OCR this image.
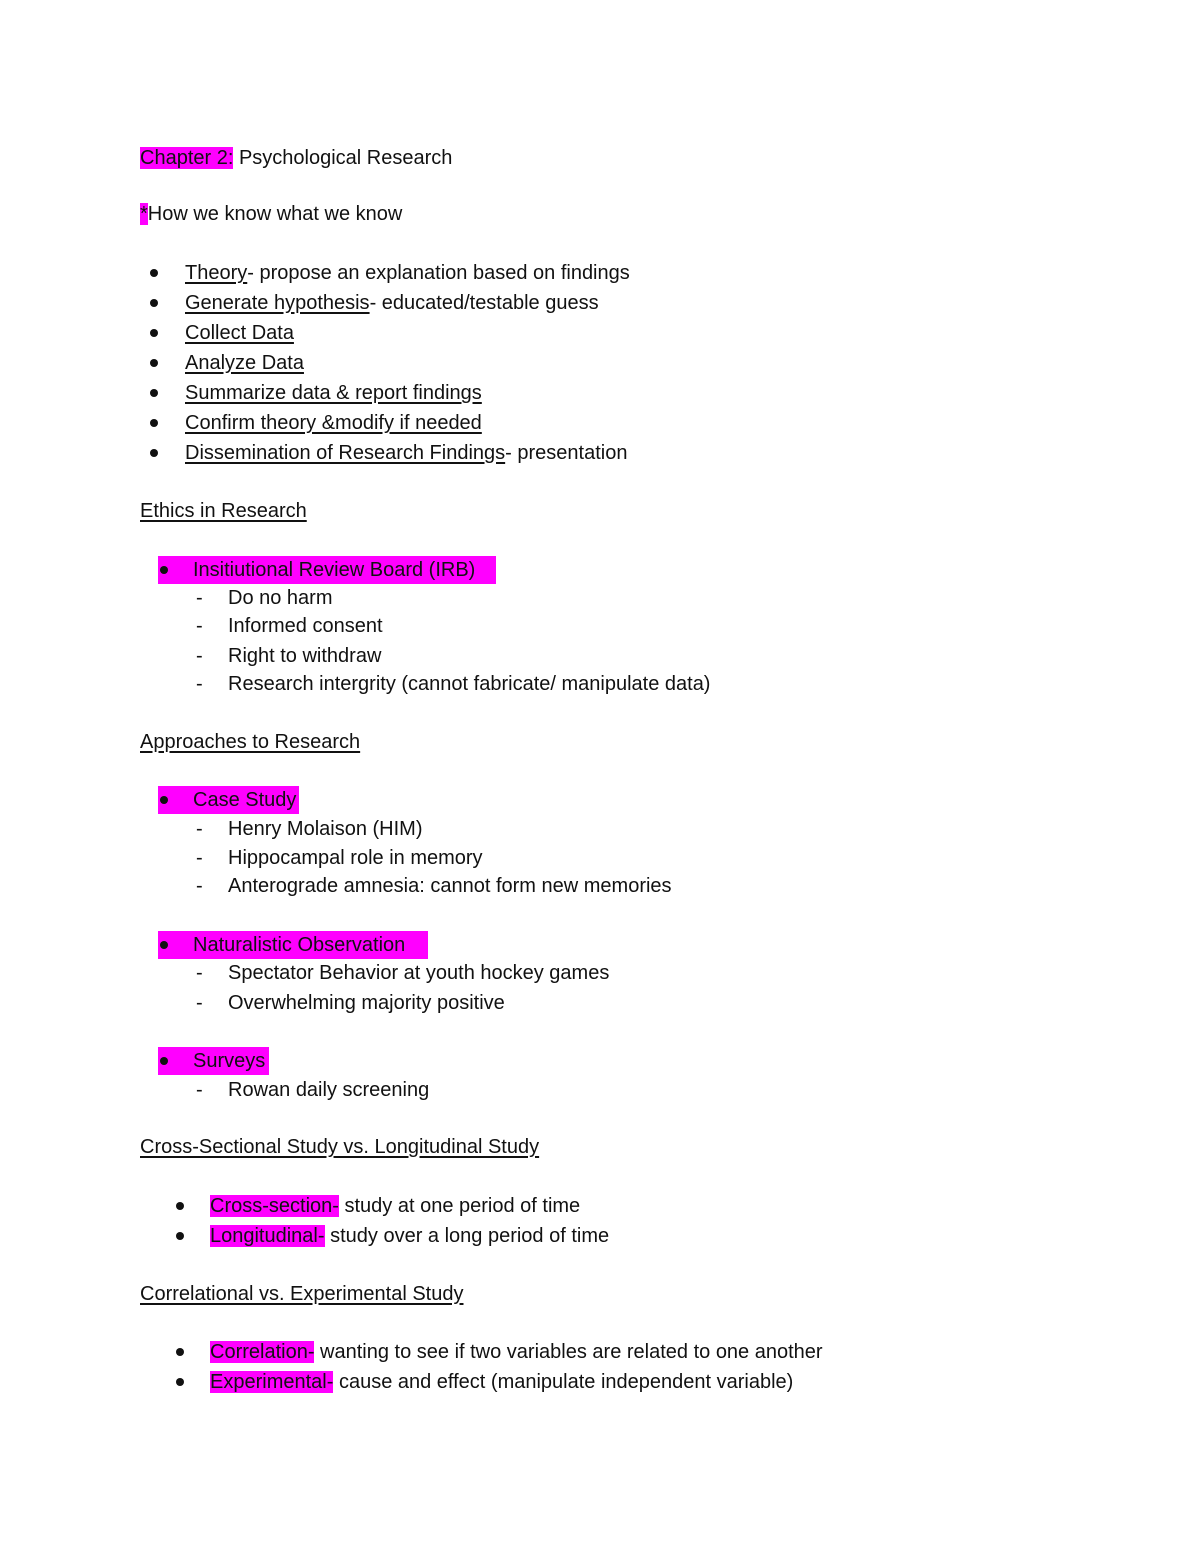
Chapter 2: Psychological Research
*How we know what we know
Theory- propose an explanation based on findings
Generate hypothesis- educated/testable guess
Collect Data
Analyze Data
Summarize data & report findings
Confirm theory &modify if needed
Dissemination of Research Findings- presentation
Ethics in Research
Insitiutional Review Board (IRB)
- Do no harm
- Informed consent
- Right to withdraw
- Research intergrity (cannot fabricate/ manipulate data)
Approaches to Research
Case Study
- Henry Molaison (HIM)
- Hippocampal role in memory
- Anterograde amnesia: cannot form new memories
Naturalistic Observation
- Spectator Behavior at youth hockey games
- Overwhelming majority positive
Surveys
- Rowan daily screening
Cross-Sectional Study vs. Longitudinal Study
Cross-section- study at one period of time
Longitudinal- study over a long period of time
Correlational vs. Experimental Study
Correlation- wanting to see if two variables are related to one another
Experimental- cause and effect (manipulate independent variable)
